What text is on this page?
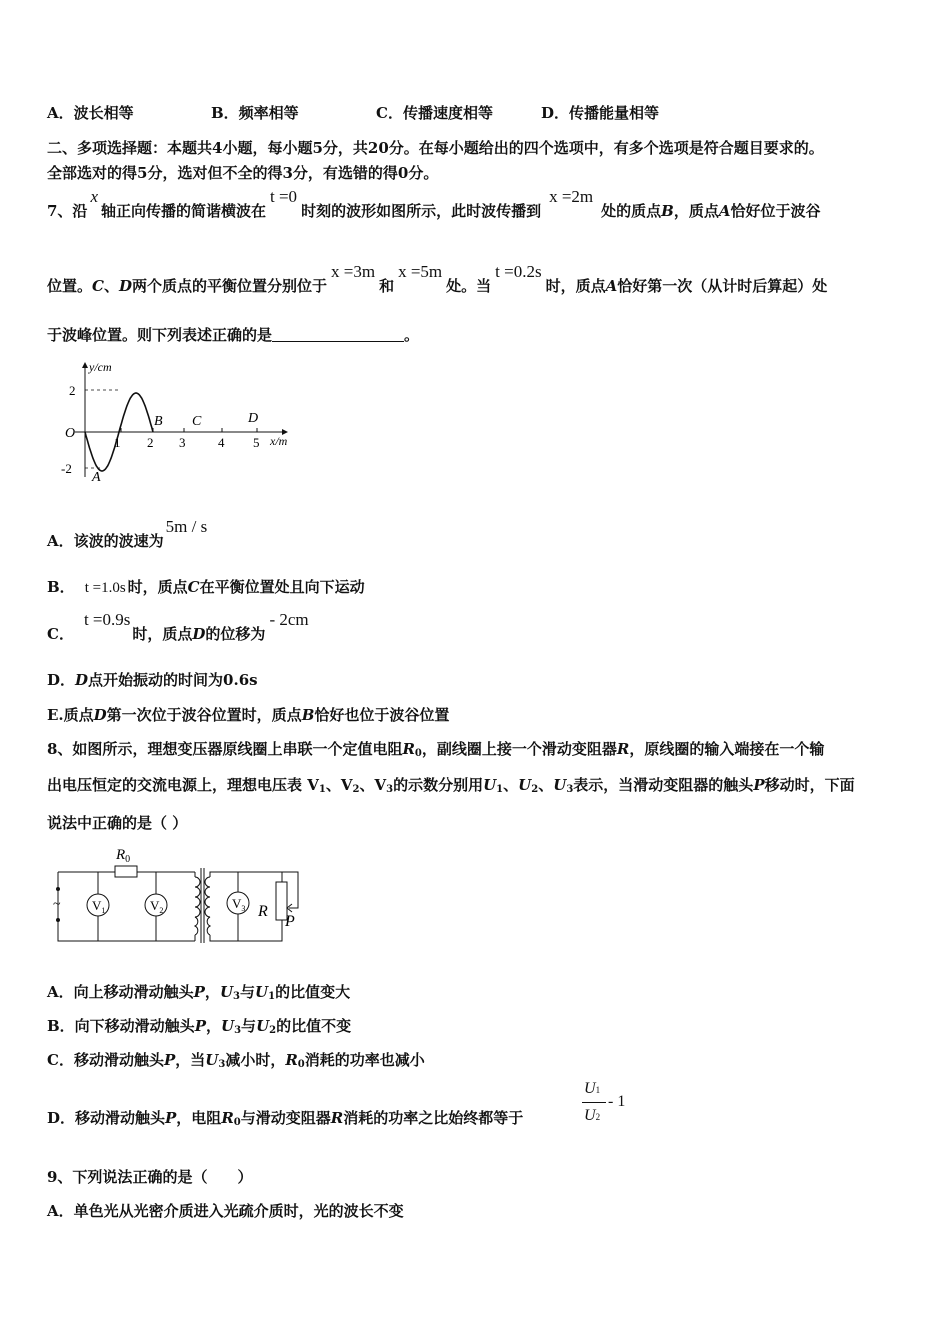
A．波长相等	B．频率相等	C．传播速度相等	D．传播能量相等
二、多项选择题：本题共4小题，每小题5分，共20分。在每小题给出的四个选项中，有多个选项是符合题目要求的。
全部选对的得5分，选对但不全的得3分，有选错的得0分。
7、沿x轴正向传播的简谐横波在t =0时刻的波形如图所示，此时波传播到x =2m处的质点B，质点A恰好位于波谷
位置。C、D两个质点的平衡位置分别位于x =3m和x =5m处。当t =0.2s时，质点A恰好第一次（从计时后算起）处
于波峰位置。则下列表述正确的是	。
y/cm
x/m
O
2
-2
1 2 3	4 5
A
B C	D
A．该波的波速为5m / s
B． t =1.0s 时，质点C在平衡位置处且向下运动
C．t =0.9s时，质点D的位移为- 2cm
D．D点开始振动的时间为0.6s
E.质点D第一次位于波谷位置时，质点B恰好也位于波谷位置
8、如图所示，理想变压器原线圈上串联一个定值电阻$R_0$，副线圈上接一个滑动变阻器R，原线圈的输入端接在一个输
出电压恒定的交流电源上，理想电压表 $V_1$、$V_2$、$V_3$的示数分别用$U_1$、$U_2$、$U_3$表示，当滑动变阻器的触头P移动时，下面
说法中正确的是（ ）
~
$R_0$
$V_1$	$V_2$	$V_3$ R
P
A．向上移动滑动触头P，$U_3$与$U_1$的比值变大
B．向下移动滑动触头P，$U_3$与$U_2$的比值不变
C．移动滑动触头P，当$U_3$减小时，$R_0$消耗的功率也减小
D．移动滑动触头P，电阻$R_0$与滑动变阻器R消耗的功率之比始终都等于
U1
U2
- 1
9、下列说法正确的是（　　）
A．单色光从光密介质进入光疏介质时，光的波长不变
